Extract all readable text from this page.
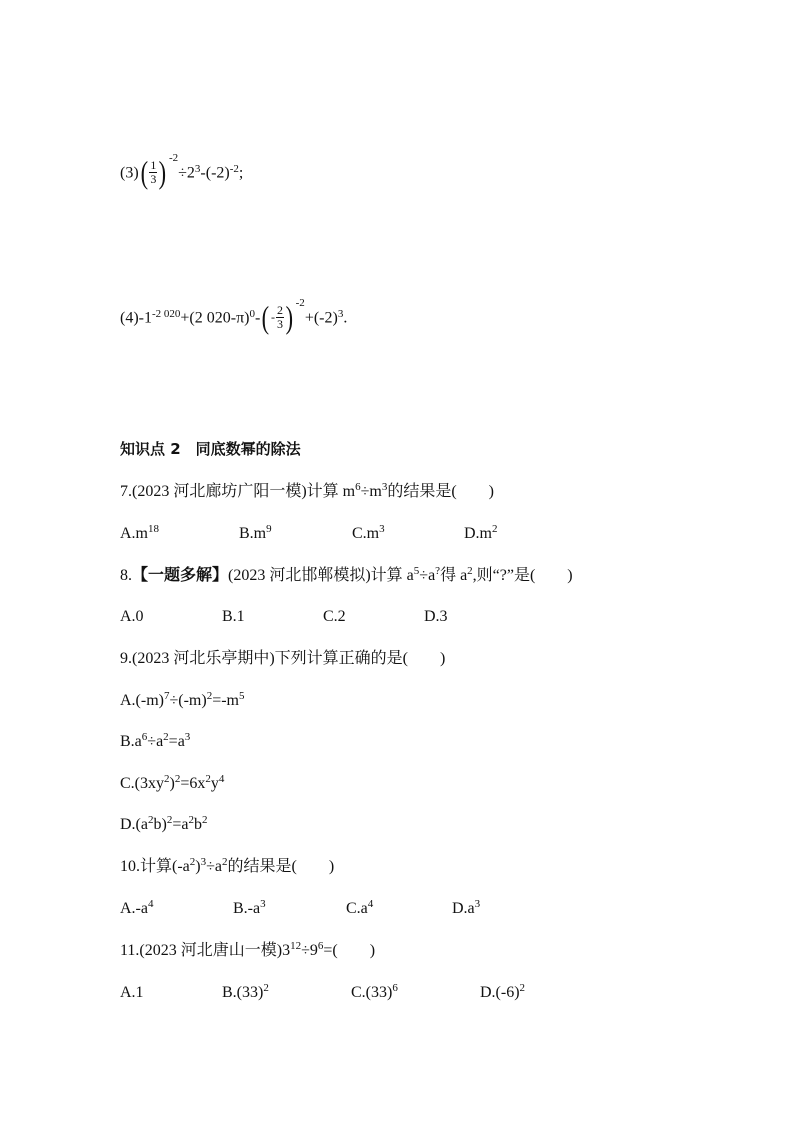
(3) ( $\frac{1}{3}$ ) -2
$\div 2^3-(-2)^{-2}$;
$(4)-1^{-2 020}+(2$ 020-π)$^0$- ( - $\frac{2}{3}$ ) -2
$+(-2)^3$.
知识点 2　同底数幂的除法
7.(2023 河北廊坊广阳一模)计算 $m^6\div m^3$的结果是(　　)
$A.m^{18}$	$B.m^9$	$C.m^3$	$D.m^2$
8.【一题多解】(2023 河北邯郸模拟)计算 $a^5\div a^?$得 $a^2$,则“?”是(　　)
A.0	B.1	C.2	D.3
9.(2023 河北乐亭期中)下列计算正确的是(　　)
$A.(-m)^7\div(-m)^2=-m^5$
$B.a^6\div a^2=a^3$
$C.(3xy^2)^2=6x^2y^4$
$D.(a^2b)^2=a^2b^2$
10.计算$(-a^2)^3\div a^2$的结果是(　　)
$A.-a^4$	$B.-a^3$	$C.a^4$	$D.a^3$
11.(2023 河北唐山一模)$3^{12}\div 9^6=$(　　)
A.1	$B.(33)^2$	$C.(33)^6$	$D.(-6)^2$
